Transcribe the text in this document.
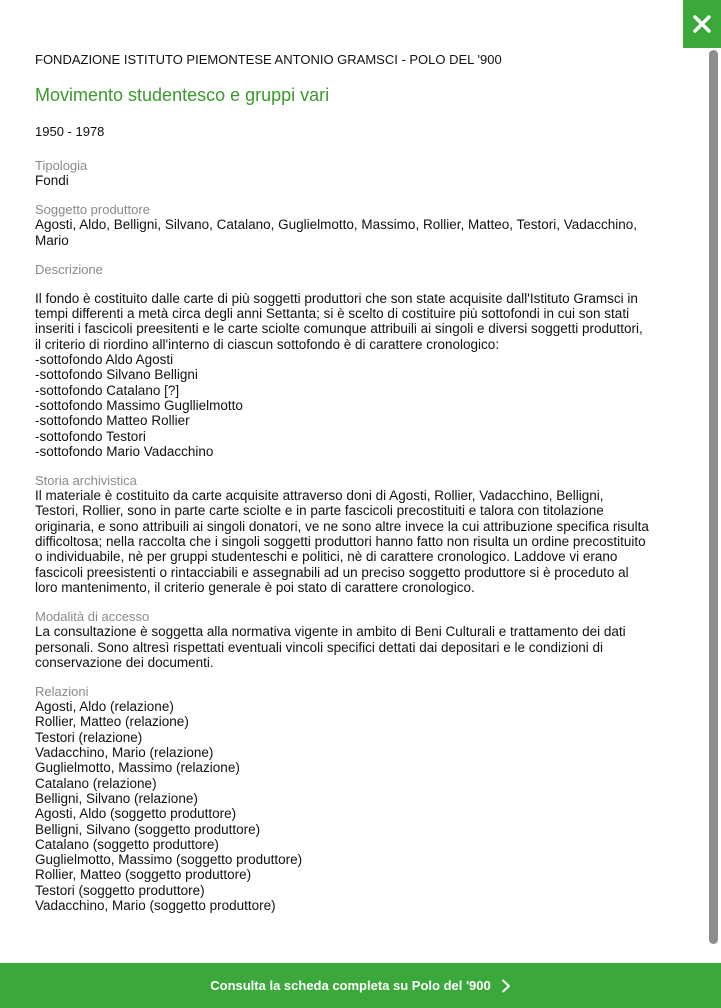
FONDAZIONE ISTITUTO PIEMONTESE ANTONIO GRAMSCI - POLO DEL '900
Movimento studentesco e gruppi vari
1950 - 1978
Tipologia
Fondi
Soggetto produttore
Agosti, Aldo, Belligni, Silvano, Catalano, Guglielmotto, Massimo, Rollier, Matteo, Testori, Vadacchino,
Mario
Descrizione
Il fondo è costituito dalle carte di più soggetti produttori che son state acquisite dall'Istituto Gramsci in
tempi differenti a metà circa degli anni Settanta; si è scelto di costituire più sottofondi in cui son stati
inseriti i fascicoli preesitenti e le carte sciolte comunque attribuili ai singoli e diversi soggetti produttori,
il criterio di riordino all'interno di ciascun sottofondo è di carattere cronologico:
-sottofondo Aldo Agosti
-sottofondo Silvano Belligni
-sottofondo Catalano [?]
-sottofondo Massimo Gugllielmotto
-sottofondo Matteo Rollier
-sottofondo Testori
-sottofondo Mario Vadacchino
Storia archivistica
Il materiale è costituito da carte acquisite attraverso doni di Agosti, Rollier, Vadacchino, Belligni,
Testori, Rollier, sono in parte carte sciolte e in parte fascicoli precostituiti e talora con titolazione
originaria, e sono attribuili ai singoli donatori, ve ne sono altre invece la cui attribuzione specifica risulta
difficoltosa; nella raccolta che i singoli soggetti produttori hanno fatto non risulta un ordine precostituito
o individuabile, nè per gruppi studenteschi e politici, nè di carattere cronologico. Laddove vi erano
fascicoli preesistenti o rintacciabili e assegnabili ad un preciso soggetto produttore si è proceduto al
loro mantenimento, il criterio generale è poi stato di carattere cronologico.
Modalità di accesso
La consultazione è soggetta alla normativa vigente in ambito di Beni Culturali e trattamento dei dati
personali. Sono altresì rispettati eventuali vincoli specifici dettati dai depositari e le condizioni di
conservazione dei documenti.
Relazioni
Agosti, Aldo (relazione)
Rollier, Matteo (relazione)
Testori (relazione)
Vadacchino, Mario (relazione)
Guglielmotto, Massimo (relazione)
Catalano (relazione)
Belligni, Silvano (relazione)
Agosti, Aldo (soggetto produttore)
Belligni, Silvano (soggetto produttore)
Catalano (soggetto produttore)
Guglielmotto, Massimo (soggetto produttore)
Rollier, Matteo (soggetto produttore)
Testori (soggetto produttore)
Vadacchino, Mario (soggetto produttore)
Consulta la scheda completa su Polo del '900
